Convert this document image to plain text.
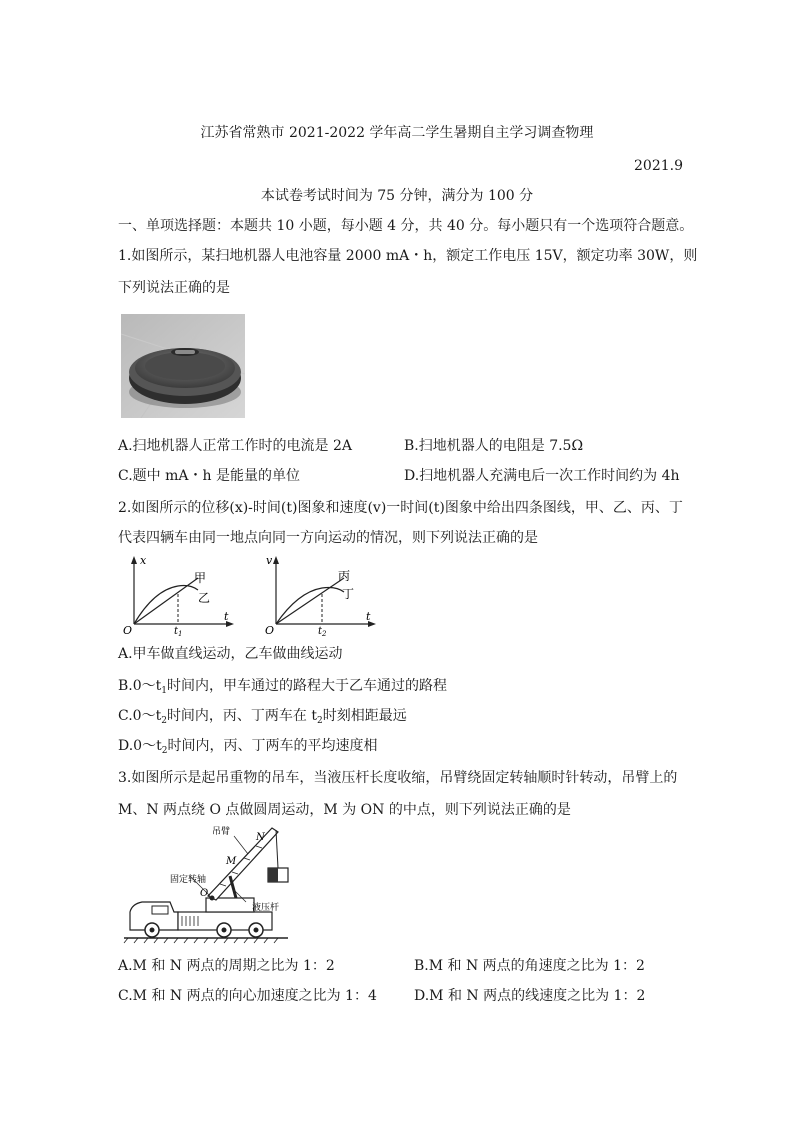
江苏省常熟市 2021-2022 学年高二学生暑期自主学习调查物理
2021.9
本试卷考试时间为 75 分钟，满分为 100 分
一、单项选择题：本题共 10 小题，每小题 4 分，共 40 分。每小题只有一个选项符合题意。
1.如图所示，某扫地机器人电池容量 2000 mA・h，额定工作电压 15V，额定功率 30W，则
下列说法正确的是
A.扫地机器人正常工作时的电流是 2A	B.扫地机器人的电阻是 7.5Ω
C.题中 mA・h 是能量的单位	D.扫地机器人充满电后一次工作时间约为 4h
2.如图所示的位移(x)-时间(t)图象和速度(v)一时间(t)图象中给出四条图线，甲、乙、丙、丁
代表四辆车由同一地点向同一方向运动的情况，则下列说法正确的是
x
t
O	$t_1$
甲
乙
v
t
O	$t_2$
丙
丁
A.甲车做直线运动，乙车做曲线运动
$B.0\sim t_1$时间内，甲车通过的路程大于乙车通过的路程
$C.0\sim t_2$时间内，丙、丁两车在 $t_2$时刻相距最远
$D.0\sim t_2$时间内，丙、丁两车的平均速度相
3.如图所示是起吊重物的吊车，当液压杆长度收缩，吊臂绕固定转轴顺时针转动，吊臂上的
M、N 两点绕 O 点做圆周运动，M 为 ON 的中点，则下列说法正确的是
吊臂	N
M
固定转轴
O
液压杆
A.M 和 N 两点的周期之比为 1：2	B.M 和 N 两点的角速度之比为 1：2
C.M 和 N 两点的向心加速度之比为 1：4	D.M 和 N 两点的线速度之比为 1：2
